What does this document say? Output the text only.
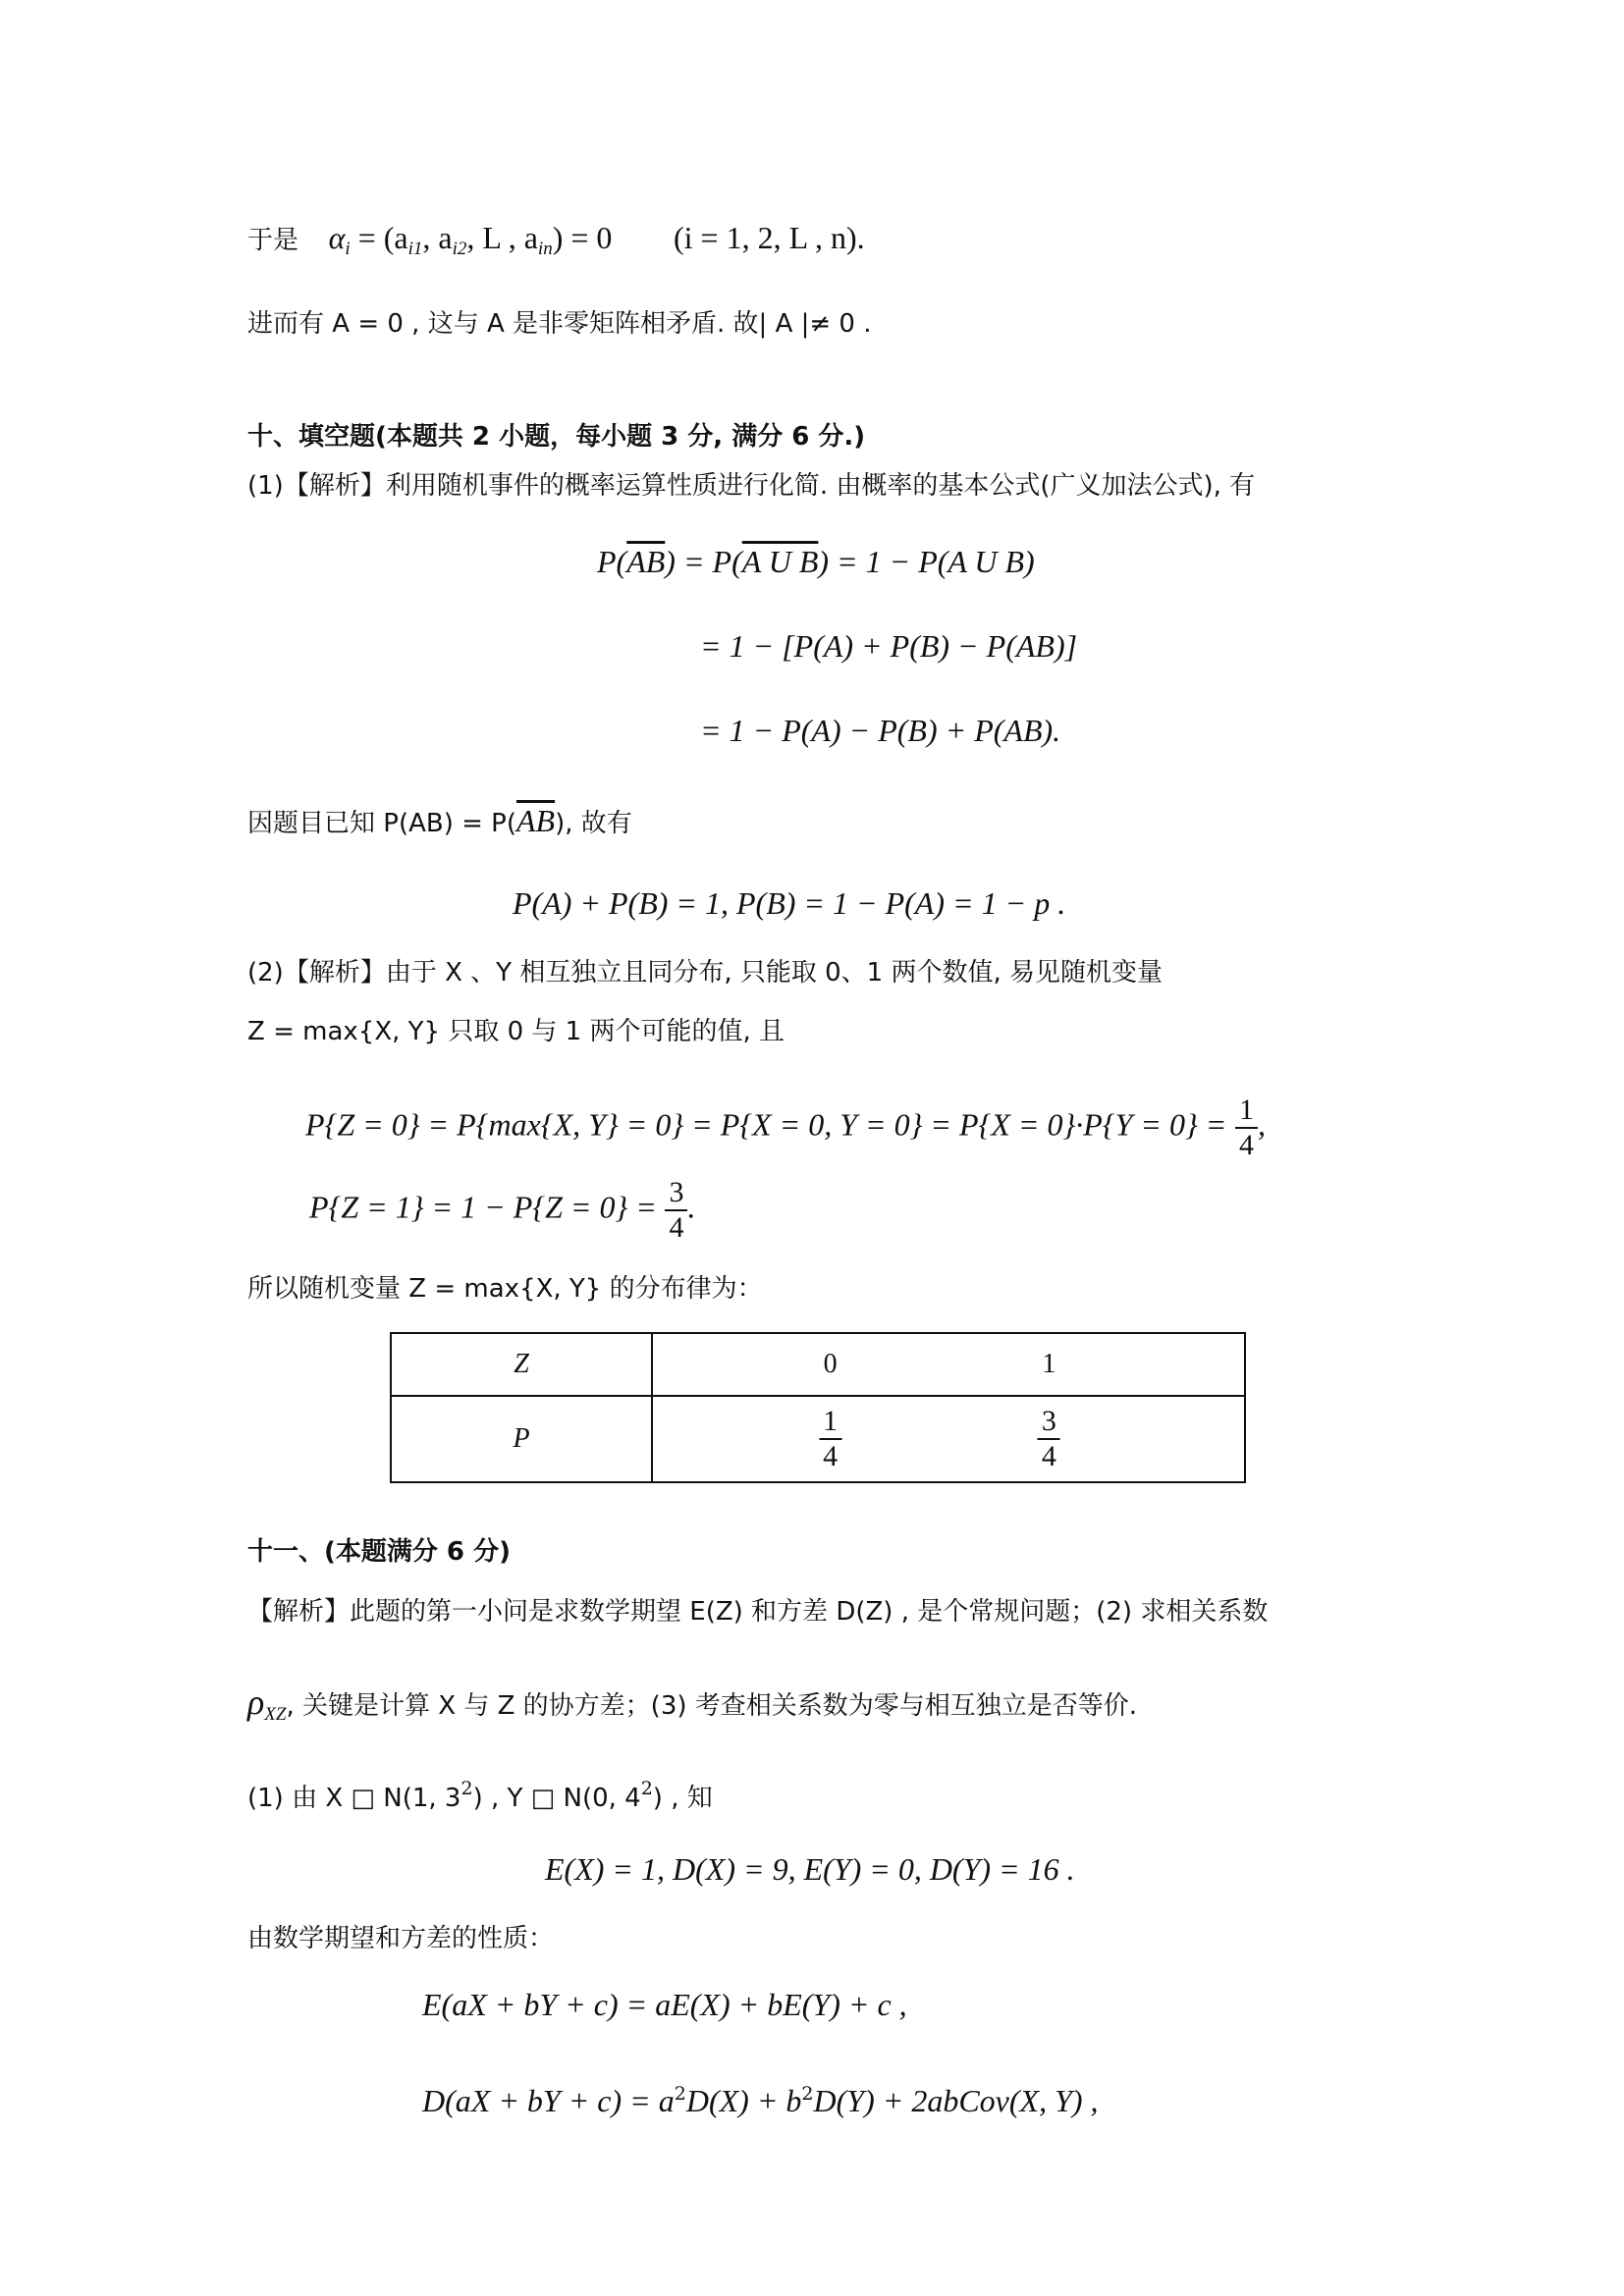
于是 $\alpha_i = (a_{i1}$, $a_{i2}$, L , $a_{in}) = 0$ (i = 1, 2, L , n).
进而有 A = 0 , 这与 A 是非零矩阵相矛盾. 故| A |≠ 0 .
十、填空题(本题共 2 小题，每小题 3 分, 满分 6 分.)
(1)【解析】利用随机事件的概率运算性质进行化简. 由概率的基本公式(广义加法公式), 有
$P(\overline{AB}) = P(A$ U B) = 1 − P(A U B)
= 1 − [P(A) + P(B) − P(AB)]
= 1 − P(A) − P(B) + P(AB).
因题目已知 $P(AB) = P(\overline{AB})$, 故有
P(A) + P(B) = 1, P(B) = 1 − P(A) = 1 − p .
(2)【解析】由于 X 、Y 相互独立且同分布, 只能取 0、1 两个数值, 易见随机变量
Z = max{X, Y} 只取 0 与 1 两个可能的值, 且
P{Z = 0} = P{max{X, Y} = 0} = P{X = 0, $Y = 0\} = P\{X = 0\}\cdot P\{Y = 0\} = \frac{1}{4}$ ,
$P\{Z = 1\} = 1 - P\{Z = 0\} = \frac{3}{4}$ .
所以随机变量 Z = max{X, Y} 的分布律为：
Z	0 1

P	$\frac{1}{4} \frac{3}{4}$
十一、(本题满分 6 分)
【解析】此题的第一小问是求数学期望 E(Z) 和方差 D(Z) , 是个常规问题；(2) 求相关系数
$\rho_{XZ}$, 关键是计算 X 与 Z 的协方差；(3) 考查相关系数为零与相互独立是否等价.
(1) 由 X □ N(1, $3^2$) , Y □ N(0, $4^2$) , 知
E(X) = 1, D(X) = 9, E(Y) = 0, D(Y) = 16 .
由数学期望和方差的性质：
E(aX + bY + c) = aE(X) + bE(Y) + c ,
D(aX + bY + $c) = a^2D(X) + b^2D(Y)$ + 2abCov(X, Y) ,
